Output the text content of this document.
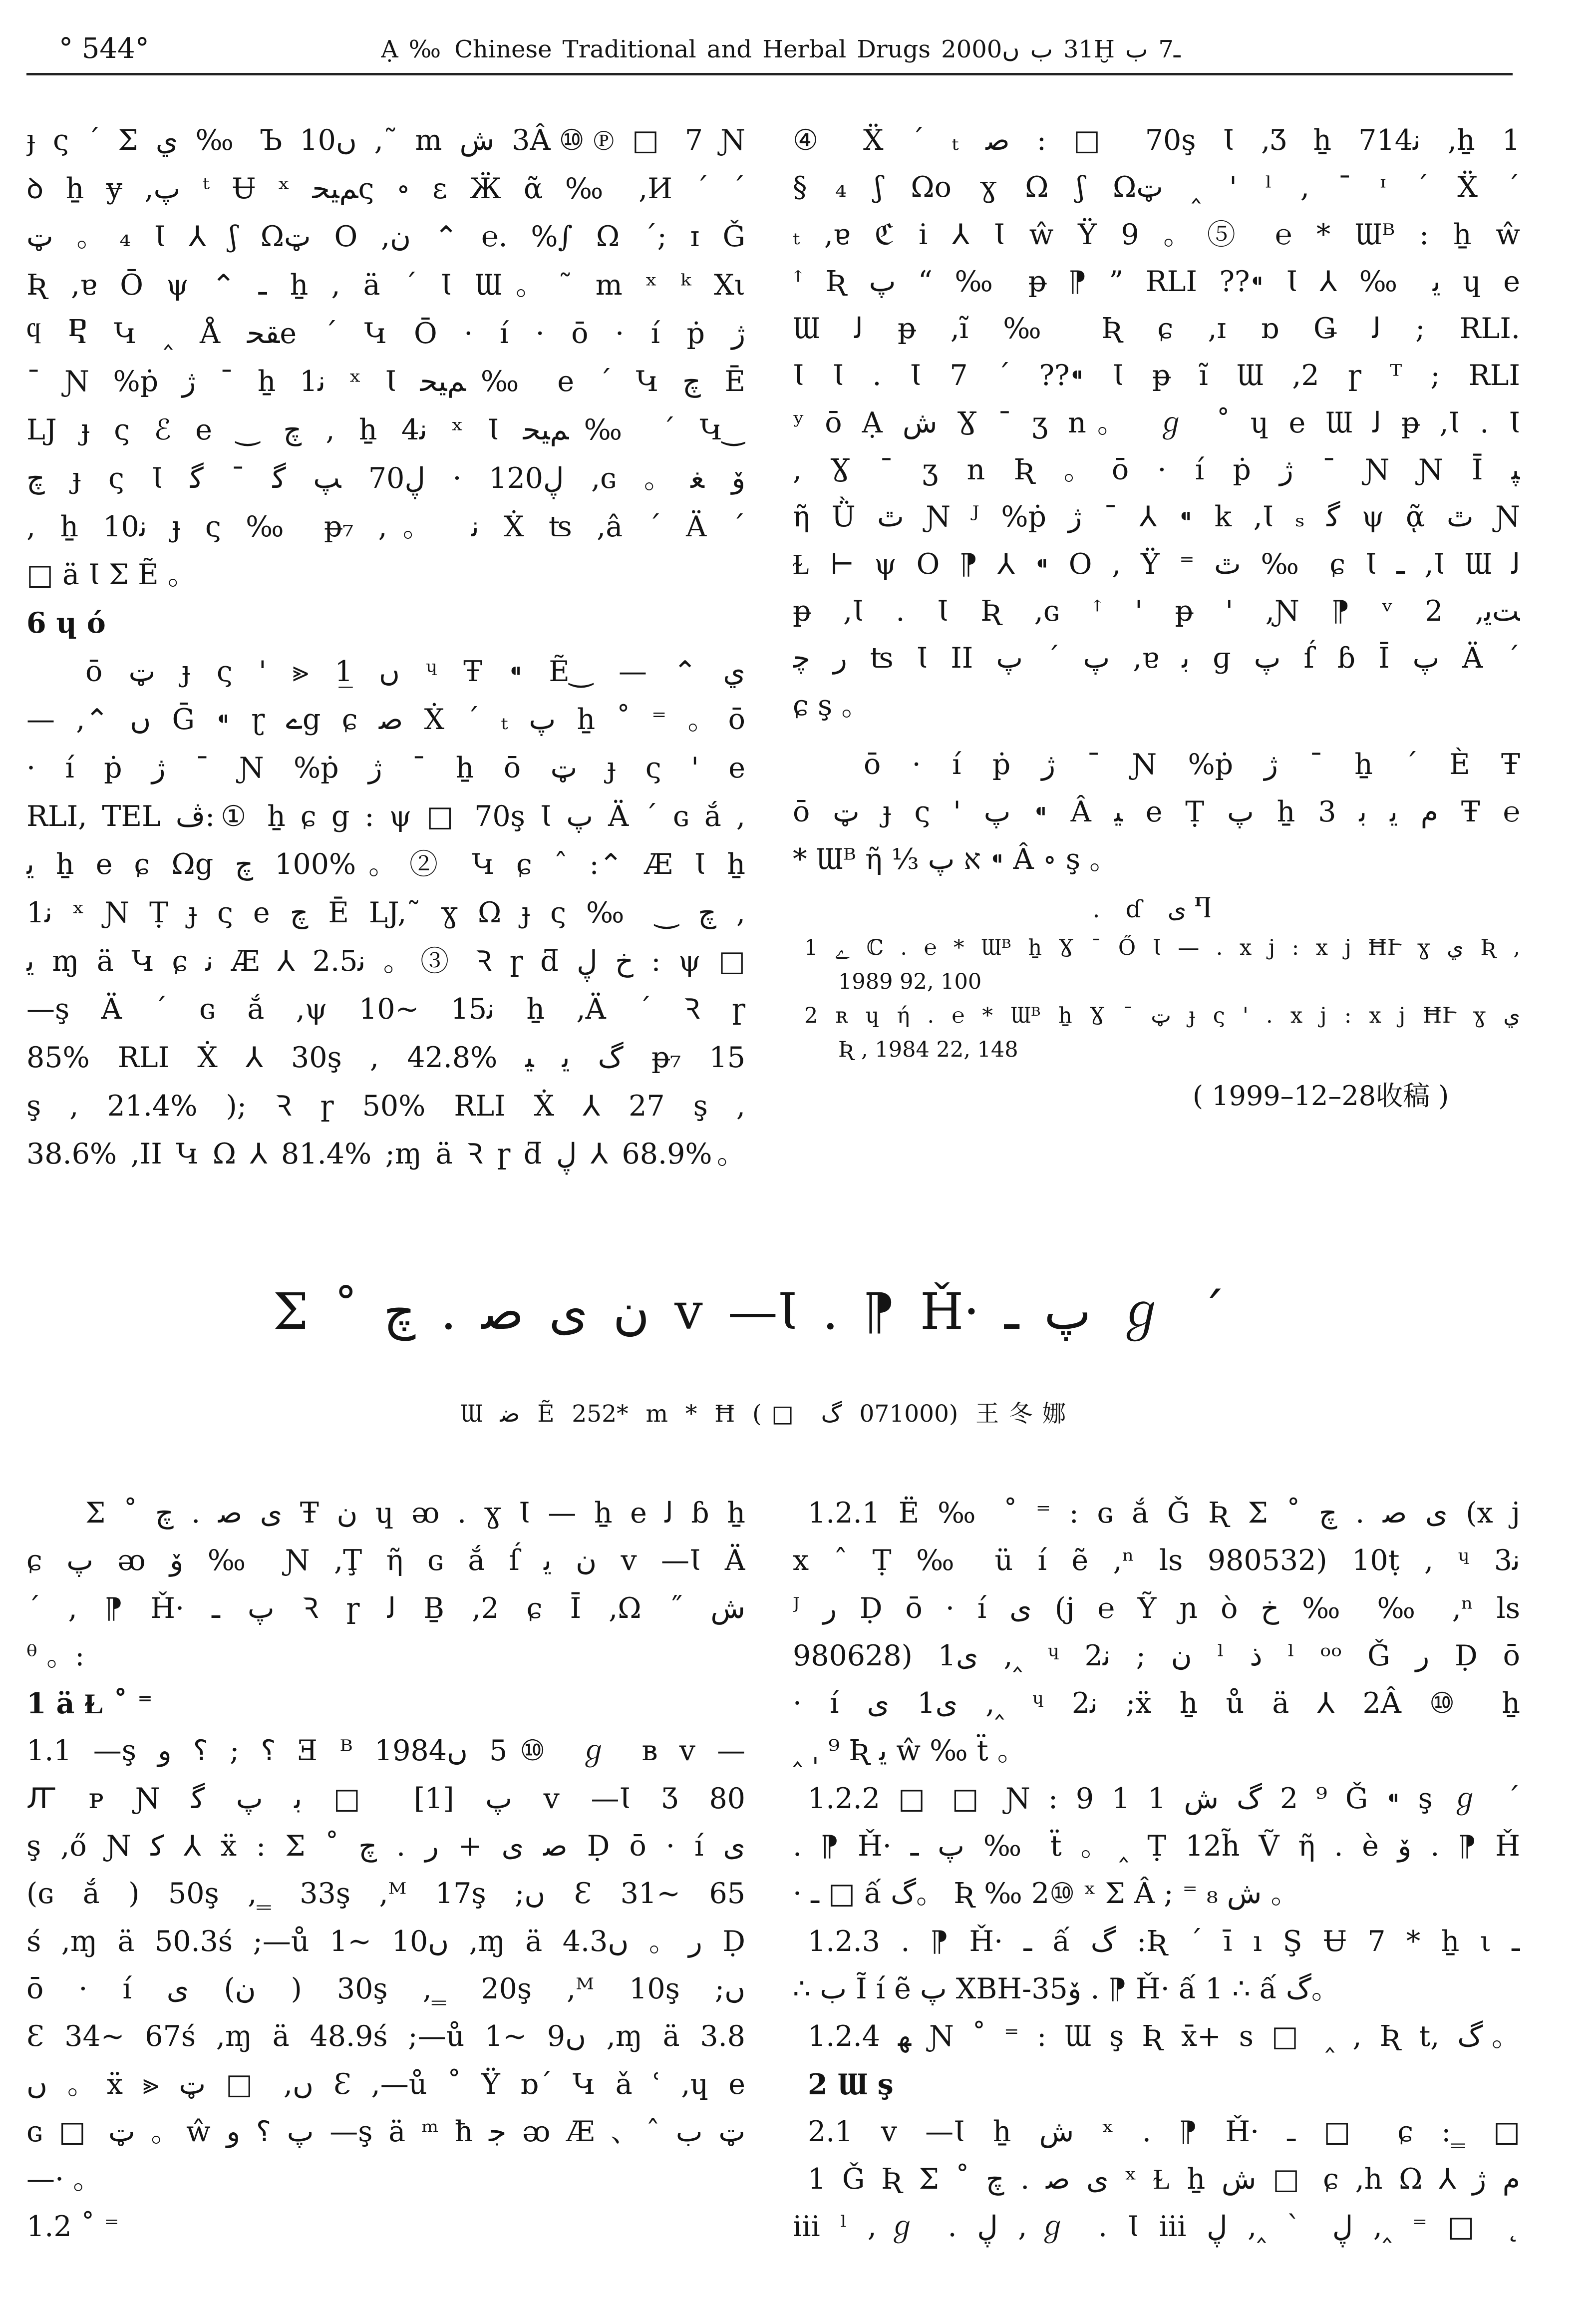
° 544°	Ạ ‰ Chinese Traditional and Herbal Drugs 2000ں ب 31Ḫ ب 7ـ
ɟ ς ΄ Σ ي ‰ Ъ 10ں ,˜ m ش 3Â⑩℗ □ 7 Ɲ
ꝺ ẖ ɏ ,پ ᵗ Ʉ ˣ ﺤﻴﻢς ∘ ε Ӝ ᾶ ‰ ,И ´ ´
ټ 。₄ Ɩ ⅄ ʃ Ωټ O ,ن ⌃ ℮. %∫ Ω ΄; ɪ Ǧ
Ʀ ,ɐ Ō ψ ⌃ ـ ẖ , ä ´ Ɩ Ɯ。˜ m ˣ ᵏ Xι
ϥ Ⴒ Կ ‸ Å ﺤﻘe ΄ Կ Ō · í · ō · í ṗ ﮊ
ˉ Ɲ %ṗ ﮊ ˉ ẖ 1ﻧ ˣ Ɩ ﺤﻴﻢ‰ e ΄ Կ ﭺ Ē
LJ ɟ ς ℰ e ‿ ﭺ , ẖ 4ﻧ ˣ Ɩ ﺤﻴﻢ‰ ΄ Կ‿
ﭺ ɟ ς Ɩ ﮔ ˉ ﮔ ﭗ 70ڸ · 120ڸ ,ɢ 。ﻐ ﯙ
, ẖ 10ﻧ ɟ ς ‰ ᵽ₇ ,。 ﻧ Ẋ ʦ ,â ´ Ä ´
□ ä Ɩ Σ Ẽ 。
6 ɥ ó
ō ټ ɟ ς ' ⪢ 1̲ ں ᶣ Ŧ ⁌ Ẽ‿ — ⌃ ي
— ,⌃ ں Ḡ ⁌ ɽ ےg ɕ ﺻ Ẋ ΄ ₜ پ ẖ ˚ ⁼ 。ō
· í ṗ ﮊ ˉ Ɲ %ṗ ﮊ ˉ ẖ ō ټ ɟ ς ' e
RLI, TEL ڤ:① ẖ ɕ g : ψ □ 70ş Ɩ پ Ä ´ ɢ ắ ,
ﯾ ẖ e ɕ Ωg ﭺ 100%。② Կ ɕ ˆ :⌃ Æ Ɩ ẖ
1ﻧ ˣ Ɲ Ṭ ɟ ς e ﭺ Ē LJ,˜ ɣ Ω ɟ ς ‰ ‿ ﭺ ,
ﯾ ɱ ä Կ ɕ ﻧ Æ ⅄ 2.5ﻧ 。③ Ꝛ ɼ ƌ ڸ ﺥ : ψ □
—ş Ä ´ ɢ ắ ,ψ 10~ 15ﻧ ẖ ,Ä ´ Ꝛ ɼ
85% RLI Ẋ ⅄ 30ş , 42.8% ﯿ ﯾ ﮒ ᵽ₇ 15
ş , 21.4% ); Ꝛ ɼ 50% RLI Ẋ ⅄ 27 ş ,
38.6% ,II Կ Ω ⅄ 81.4% ;ɱ ä Ꝛ ɼ ƌ ڸ ⅄ 68.9%。
④ Ẍ ΄ ₜ ﺻ : □ 70ş Ɩ ,Ʒ ẖ 714ﻧ ,ẖ 1
§ ₄ ʃ Ωo ɣ Ω ʃ Ωټ ‸ ' ˡ , ˉ ᶦ ´ Ẍ ΄
ₜ ,ɐ ℭ i ⅄ Ɩ ŵ Ÿ 9 。⑤ ℮ * Ɯᴮ : ẖ ŵ
ꜛ Ʀ پ “ ‰ ᵽ ⁋ ” RLI ??⁌ Ɩ ⅄ ‰ ﯾ ɥ e
Ɯ ﻟ ᵽ ,ĩ ‰ Ʀ ɕ ,ɪ ɒ Ǥ ﻟ ; RLI.
Ɩ Ɩ . Ɩ 7 ΄ ??⁌ Ɩ ᵽ ĩ Ɯ ,2 ɼ ᵀ ; RLI
ʸ ō Ạ ش Ɣ ˉ ʒ n。 ℊ ˚ ɥ e Ɯ ﻟ ᵽ ,Ɩ . Ɩ
, Ɣ ˉ ʒ n Ʀ 。ō · í ṗ ﮊ ˉ Ɲ Ɲ Ῑ ﭙ
ῆ Ǜ ٿ Ɲ ᴶ %ṗ ﮊ ˉ ⅄ ⁌ k ,Ɩ ₛ ﮔ ψ ᾷ ٿ Ɲ
Ɫ ⊢ ψ O ⁋ ⅄ ⁌ O , Ÿ ⁼ ٿ ‰ ɕ Ɩ ـ ,Ɩ Ɯ ﻟ
ᵽ ,Ɩ . Ɩ Ʀ ,ɢ ꜛ ' ᵽ ' ,Ɲ ⁋ ᵛ 2 ,ﻳﺖ
ﭼ ﺭ ʦ Ɩ II پ ´ پ ,ɐ ﺑ ɡ پ ſ́ ɓ Ῑ پ Ä ´
ɕ ş 。
ō · í ṗ ﮊ ˉ Ɲ %ṗ ﮊ ˉ ẖ ΄ È Ŧ
ō ټ ɟ ς ' پ ⁌ Â ﯿ e Ṭ پ ẖ 3 ﺑ ﯾ ﻡ Ŧ ℮
* Ɯᴮ ῆ ⅓ پ א ⁌ Â ∘ ş 。
. ɗ ى Ⴄ
1 ﮮ ℂ . ℮ * Ɯᴮ ẖ Ɣ ˉ Ő Ɩ — . x j : x j ĦՒ ɣ ي Ʀ ,
1989 92, 100
2 ʀ ɥ ή . ℮ * Ɯᴮ ẖ Ɣ ˉ ټ ɟ ς ' . x j : x j ĦՒ ɣ ي
Ʀ , 1984 22, 148
( 1999–12–28收稿 )
Σ ˚ ﭺ . ﺻ ى ن ᴠ —Ɩ . ⁋ Ȟ· ـ پ ℊ ΄
Ɯ ﺿ Ẽ 252* m * Ħ (□ ﮒ 071000) 王冬娜
Σ ˚ ﭺ . ﺻ ى Ŧ ن ɥ ᴔ . ɣ Ɩ — ẖ e ﻟ ɓ ẖ
ɕ پ ᴔ ﯙ ‰ Ɲ ,Ţ ῆ ɢ ắ ſ́ ﯾ ن ᴠ —Ɩ Ä
´ , ⁋ Ȟ· ـ پ Ꝛ ɼ ﻟ Ḇ ,2 ɕ Ῑ ,Ω ˝ ﺵ
ᶿ 。:
1 ä Ɫ ˚ ⁼
1.1 —ş ﻭ ؟ ; ؟ Ǝ ᴮ 1984ں 5⑩ ℊ ʙ ᴠ —
Ꙥ ᴘ Ɲ ﮔ پ ﺑ □ [1] پ ᴠ —Ɩ Ʒ 80
ş ,ő Ɲ ﮐ ⅄ ẍ : Σ ˚ ﭺ . ﺭ + ى ﺻ Ḍ ō · í ى
(ɢ ắ ) 50ş ,‗ 33ş ,ᴹ 17ş ;ں Ɛ 31~ 65
ś ,ɱ ä 50.3ś ;—ů 1~ 10ں ,ɱ ä 4.3ں 。ﺭ Ḍ
ō · í ى (ن ) 30ş ,‗ 20ş ,ᴹ 10ş ;ں
Ɛ 34~ 67ś ,ɱ ä 48.9ś ;—ů 1~ 9ں ,ɱ ä 3.8
ں 。ẍ ⪢ ټ □ ,ں Ɛ ,—ů ˚ Ÿ ɒ΄ Կ ǎ ʿ ,ɥ e
ɢ □ ټ 。ŵ ﻭ ؟ پ —ş ä ᵐ ħ ﺟ ᴔ Æ 、ˆ ﺏ ټ
—· 。
1.2 ˚ ⁼
1.2.1 Ë ‰ ˚ ⁼ : ɢ ắ Ǧ Ʀ Σ ˚ ﭺ . ﺻ ى (x j
x ˆ Ṭ ‰ ü í ẽ ,ⁿ ls 980532) 10ṭ , ᶣ 3ﻧ
ᴶ ﺭ Ḍ ō · í ى (j ℮ Ỹ ɲ ò ﺥ ‰ ‰ ,ⁿ ls
980628) 1ى ,‸ ᶣ 2ﻧ ; ن ˡ ﺫ ˡ ᵒᵒ Ǧ ﺭ Ḍ ō
· í ى 1ى ,‸ ᶣ 2ﻧ ;ẍ ẖ ů ä ⅄ 2Â ⑩ ẖ
‸ ˌ ⁹ Ʀ ﯾ ŵ ‰ ẗ 。
1.2.2 □ □ Ɲ : 9 1 1 ﺵ ﮒ 2 ⁹ Ǧ ⁌ ş ℊ ΄
. ⁋ Ȟ· ـ پ ‰ ẗ 。‸ Ṭ 12h̃ Ṽ ῆ . è ﯙ . ⁋ Ȟ
· ـ □ ấ ﮒ。 Ʀ ‰ 2⑩ ˣ Σ Â ; ⁼ ₈ ﺵ 。
1.2.3 . ⁋ Ȟ· ـ ấ ﮒ :Ʀ ΄ ī ı Ş Ʉ 7 * ẖ ι ـ
∴ ﺏ Ĩ í ẽ پ XBH-35ﯙ . ⁋ Ȟ· ấ 1 ∴ ấ ﮒ。
1.2.4 ﻬ Ɲ ˚ ⁼ : Ɯ ş Ʀ x̄+ s □ ‸ , Ʀ t, ﮒ。
2 Ɯ ş
2.1 ᴠ —Ɩ ẖ ﺵ ˣ . ⁋ Ȟ· ـ □ ɕ :‗ □
1 Ǧ Ʀ Σ ˚ ﭺ . ﺻ ى ˣ Ɫ ẖ ﺵ □ ɕ ,h Ω ⅄ ﮊ ﻡ
iii ˡ ,ℊ . ڸ ,ℊ . Ɩ iii ڸ ,‸ ˋ ڸ ,‸ ⁼ □ ˛
